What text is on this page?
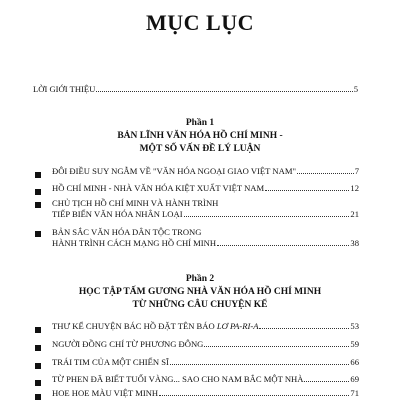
MỤC LỤC
LỜI GIỚI THIỆU	5
Phần 1
BẢN LĨNH VĂN HÓA HỒ CHÍ MINH -
MỘT SỐ VẤN ĐỀ LÝ LUẬN
ĐÔI ĐIỀU SUY NGẪM VỀ "VĂN HÓA NGOẠI GIAO VIỆT NAM"	7
HỒ CHÍ MINH - NHÀ VĂN HÓA KIỆT XUẤT VIỆT NAM	12
CHỦ TỊCH HỒ CHÍ MINH VÀ HÀNH TRÌNH
TIẾP BIẾN VĂN HÓA NHÂN LOẠI	21
BẢN SẮC VĂN HÓA DÂN TỘC TRONG
HÀNH TRÌNH CÁCH MẠNG HỒ CHÍ MINH	38
Phần 2
HỌC TẬP TẤM GƯƠNG NHÀ VĂN HÓA HỒ CHÍ MINH
TỪ NHỮNG CÂU CHUYỆN KỂ
THƯ KỂ CHUYỆN BÁC HỒ ĐẶT TÊN BÁO LƠ PA-RI-A	53
NGƯỜI ĐỒNG CHÍ TỪ PHƯƠNG ĐÔNG	59
TRÁI TIM CỦA MỘT CHIẾN SĨ	66
TỪ PHEN ĐÃ BIẾT TUỔI VÀNG... SAO CHO NAM BẮC MỘT NHÀ	69
HOE HOE MÀU VIỆT MINH	71
